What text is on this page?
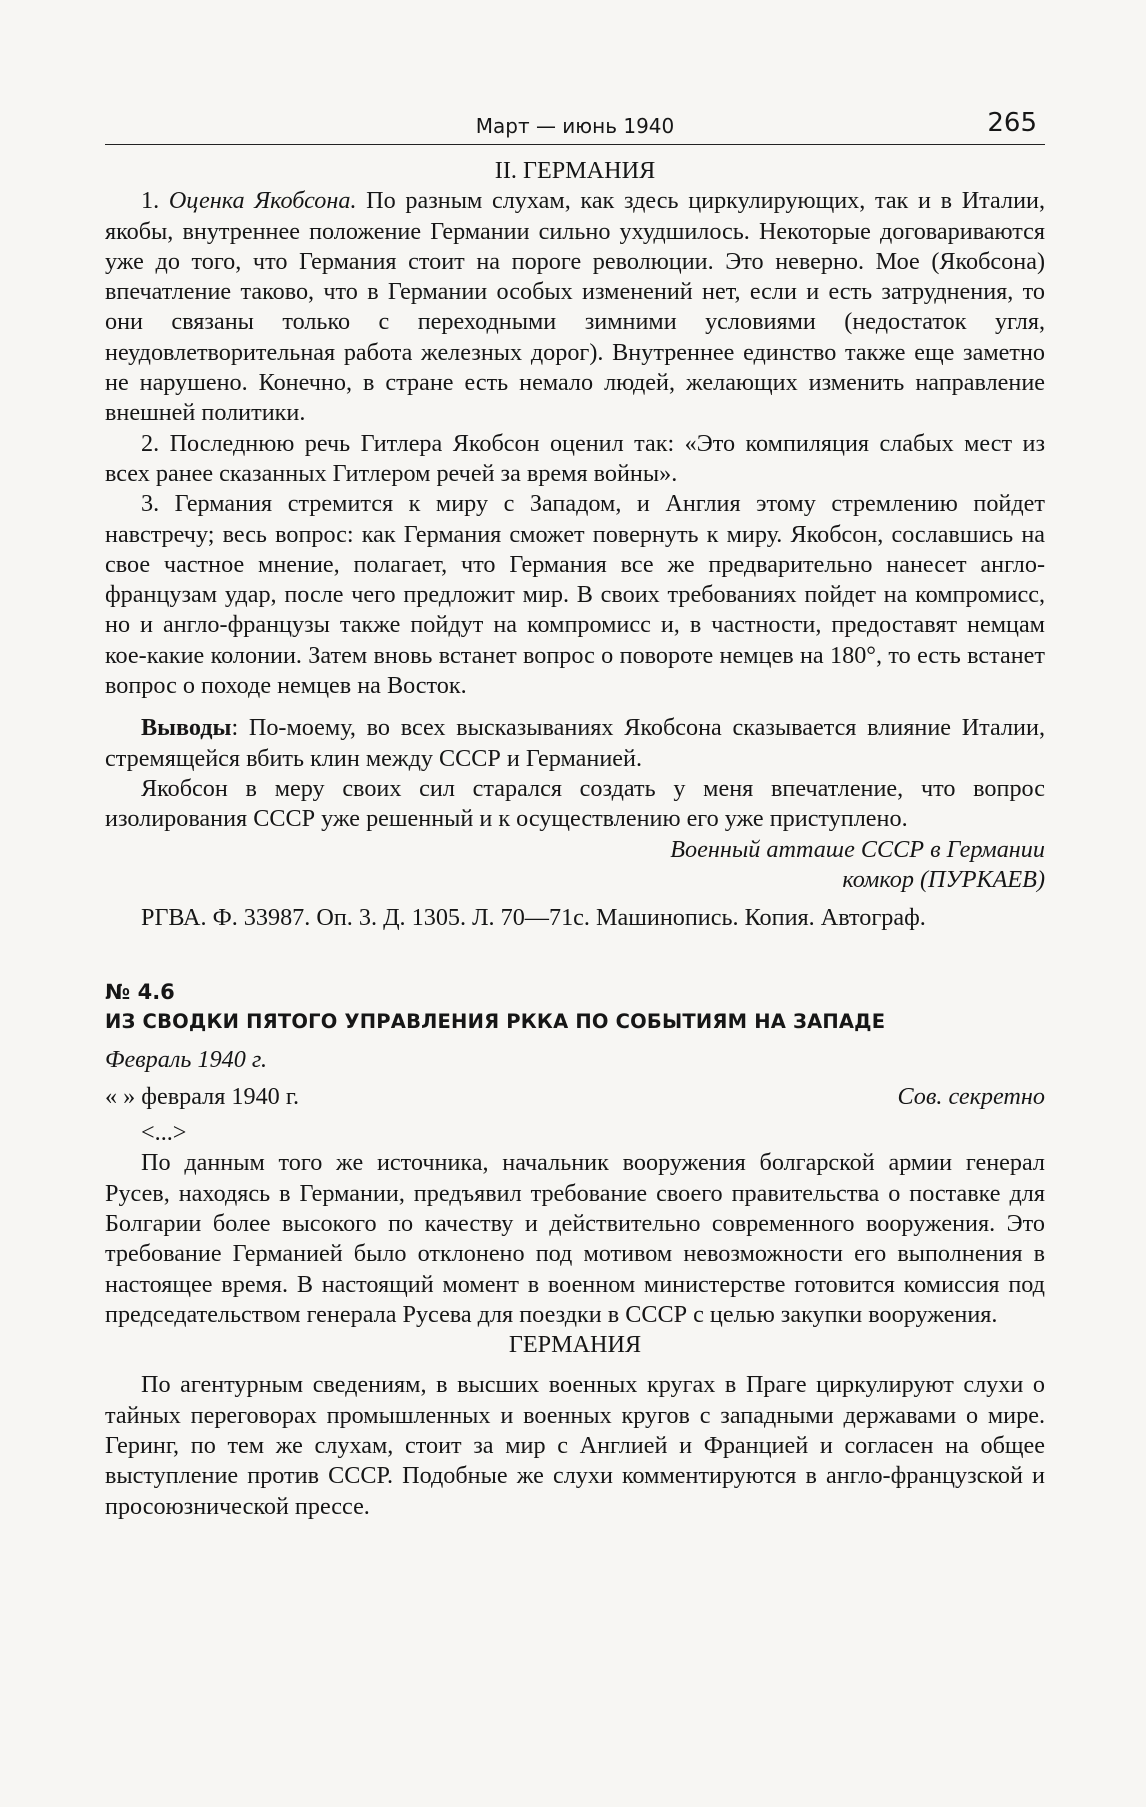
Март — июнь 1940	265

II. ГЕРМАНИЯ

1. Оценка Якобсона. По разным слухам, как здесь циркулирующих, так и в Италии, якобы, внутреннее положение Германии сильно ухудшилось. Некоторые договариваются уже до того, что Германия стоит на пороге революции. Это неверно. Мое (Якобсона) впечатление таково, что в Германии особых изменений нет, если и есть затруднения, то они связаны только с переходными зимними условиями (недостаток угля, неудовлетворительная работа железных дорог). Внутреннее единство также еще заметно не нарушено. Конечно, в стране есть немало людей, желающих изменить направление внешней политики.

2. Последнюю речь Гитлера Якобсон оценил так: «Это компиляция слабых мест из всех ранее сказанных Гитлером речей за время войны».

3. Германия стремится к миру с Западом, и Англия этому стремлению пойдет навстречу; весь вопрос: как Германия сможет повернуть к миру. Якобсон, сославшись на свое частное мнение, полагает, что Германия все же предварительно нанесет англо-французам удар, после чего предложит мир. В своих требованиях пойдет на компромисс, но и англо-французы также пойдут на компромисс и, в частности, предоставят немцам кое-какие колонии. Затем вновь встанет вопрос о повороте немцев на 180°, то есть встанет вопрос о походе немцев на Восток.

Выводы: По-моему, во всех высказываниях Якобсона сказывается влияние Италии, стремящейся вбить клин между СССР и Германией.

Якобсон в меру своих сил старался создать у меня впечатление, что вопрос изолирования СССР уже решенный и к осуществлению его уже приступлено.

Военный атташе СССР в Германии

комкор (ПУРКАЕВ)

РГВА. Ф. 33987. Оп. 3. Д. 1305. Л. 70—71с. Машинопись. Копия. Автограф.

№ 4.6

ИЗ СВОДКИ ПЯТОГО УПРАВЛЕНИЯ РККА ПО СОБЫТИЯМ НА ЗАПАДЕ

Февраль 1940 г.

« » февраля 1940 г.	Сов. секретно

<...>

По данным того же источника, начальник вооружения болгарской армии генерал Русев, находясь в Германии, предъявил требование своего правительства о поставке для Болгарии более высокого по качеству и действительно современного вооружения. Это требование Германией было отклонено под мотивом невозможности его выполнения в настоящее время. В настоящий момент в военном министерстве готовится комиссия под председательством генерала Русева для поездки в СССР с целью закупки вооружения.

ГЕРМАНИЯ

По агентурным сведениям, в высших военных кругах в Праге циркулируют слухи о тайных переговорах промышленных и военных кругов с западными державами о мире. Геринг, по тем же слухам, стоит за мир с Англией и Францией и согласен на общее выступление против СССР. Подобные же слухи комментируются в англо-французской и просоюзнической прессе.
